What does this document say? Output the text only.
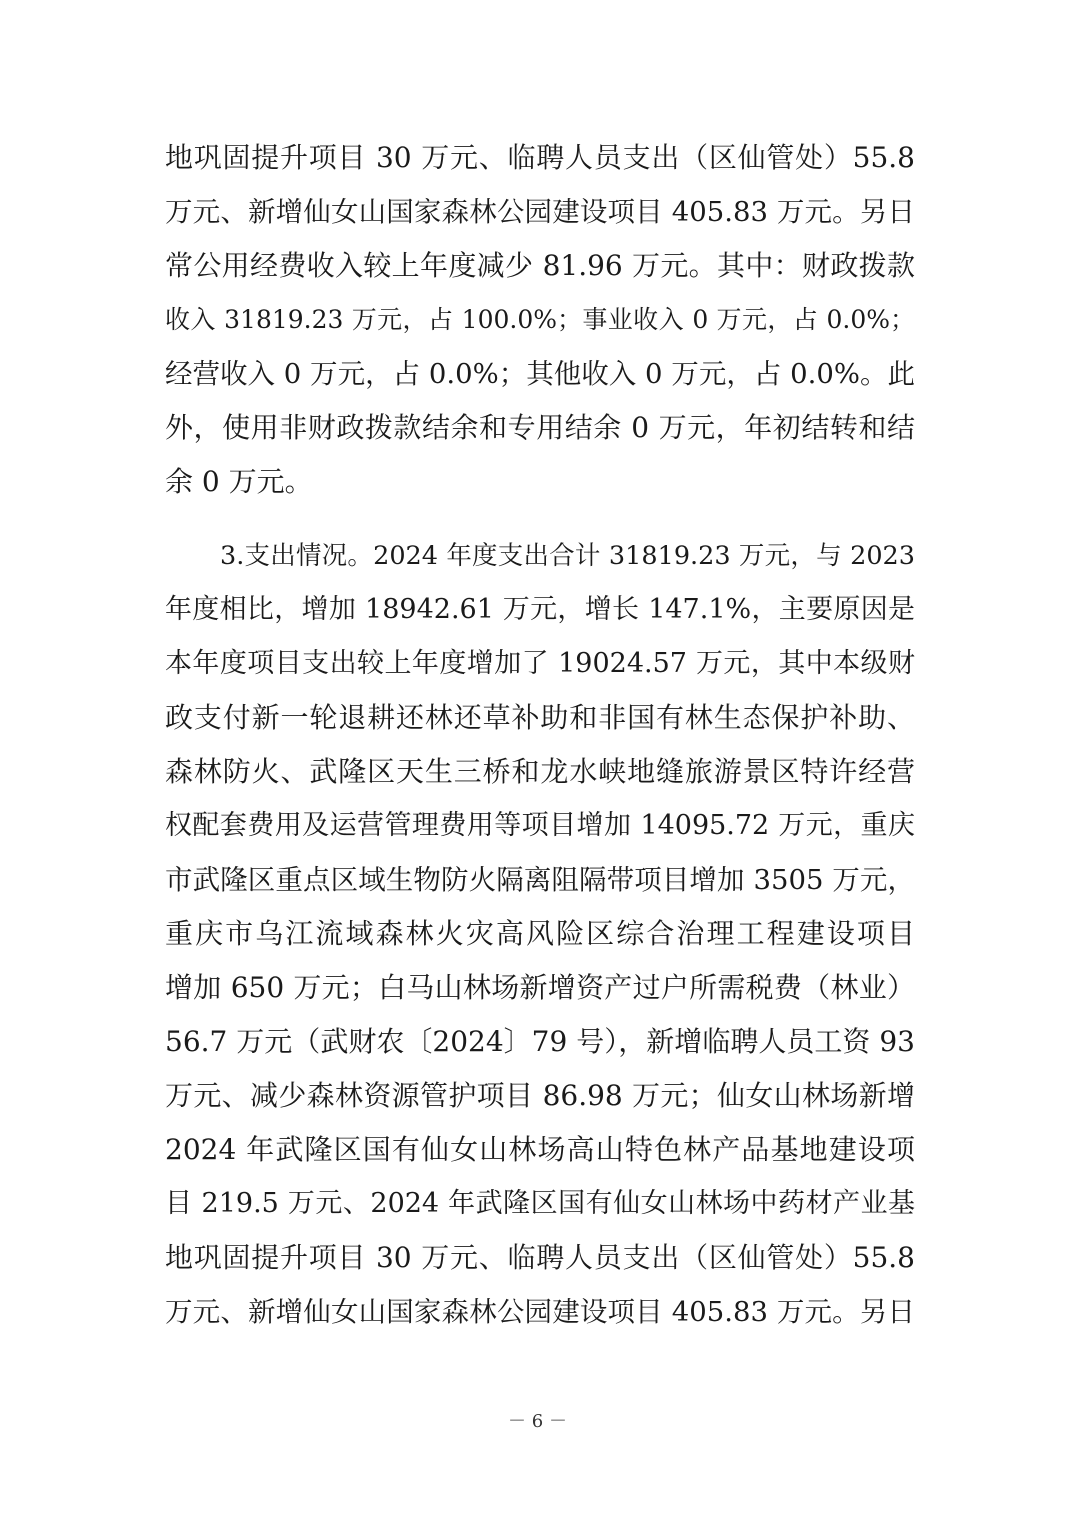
地巩固提升项目 30 万元、临聘人员支出（区仙管处）55.8
万元、新增仙女山国家森林公园建设项目 405.83 万元。另日
常公用经费收入较上年度减少 81.96 万元。其中：财政拨款
收入 31819.23 万元，占 100.0%；事业收入 0 万元，占 0.0%；
经营收入 0 万元，占 0.0%；其他收入 0 万元，占 0.0%。此
外，使用非财政拨款结余和专用结余 0 万元，年初结转和结
余 0 万元。
3.支出情况。2024 年度支出合计 31819.23 万元，与 2023
年度相比，增加 18942.61 万元，增长 147.1%，主要原因是
本年度项目支出较上年度增加了 19024.57 万元，其中本级财
政支付新一轮退耕还林还草补助和非国有林生态保护补助、
森林防火、武隆区天生三桥和龙水峡地缝旅游景区特许经营
权配套费用及运营管理费用等项目增加 14095.72 万元，重庆
市武隆区重点区域生物防火隔离阻隔带项目增加 3505 万元，
重庆市乌江流域森林火灾高风险区综合治理工程建设项目
增加 650 万元；白马山林场新增资产过户所需税费（林业）
56.7 万元（武财农〔2024〕79 号），新增临聘人员工资 93
万元、减少森林资源管护项目 86.98 万元；仙女山林场新增
2024 年武隆区国有仙女山林场高山特色林产品基地建设项
目 219.5 万元、2024 年武隆区国有仙女山林场中药材产业基
地巩固提升项目 30 万元、临聘人员支出（区仙管处）55.8
万元、新增仙女山国家森林公园建设项目 405.83 万元。另日
－ 6 －
